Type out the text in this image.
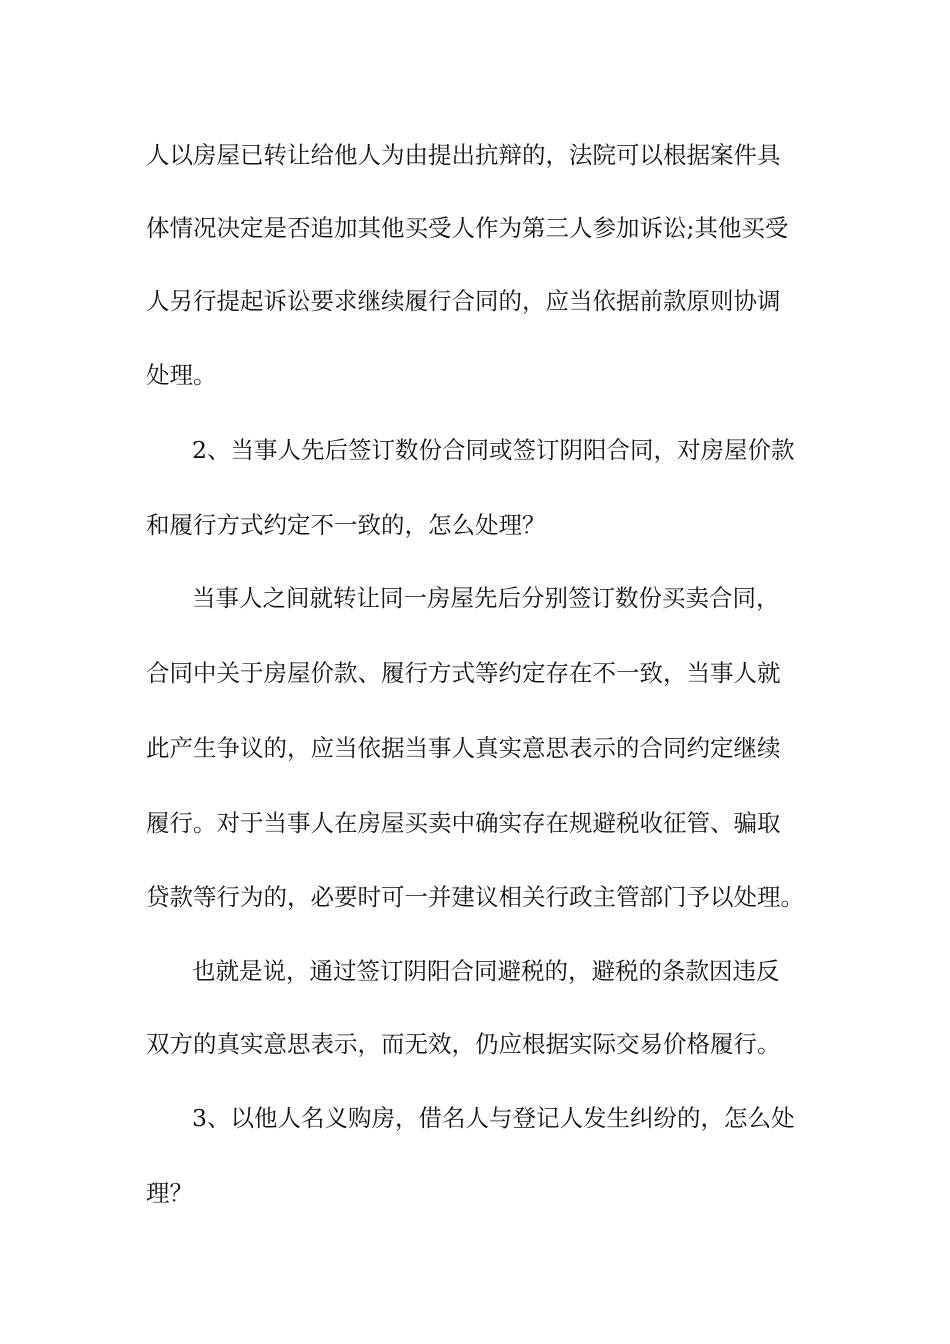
人以房屋已转让给他人为由提出抗辩的，法院可以根据案件具
体情况决定是否追加其他买受人作为第三人参加诉讼;其他买受
人另行提起诉讼要求继续履行合同的，应当依据前款原则协调
处理。
2、当事人先后签订数份合同或签订阴阳合同，对房屋价款
和履行方式约定不一致的，怎么处理？
当事人之间就转让同一房屋先后分别签订数份买卖合同，
合同中关于房屋价款、履行方式等约定存在不一致，当事人就
此产生争议的，应当依据当事人真实意思表示的合同约定继续
履行。对于当事人在房屋买卖中确实存在规避税收征管、骗取
贷款等行为的，必要时可一并建议相关行政主管部门予以处理。
也就是说，通过签订阴阳合同避税的，避税的条款因违反
双方的真实意思表示，而无效，仍应根据实际交易价格履行。
3、以他人名义购房，借名人与登记人发生纠纷的，怎么处
理？
